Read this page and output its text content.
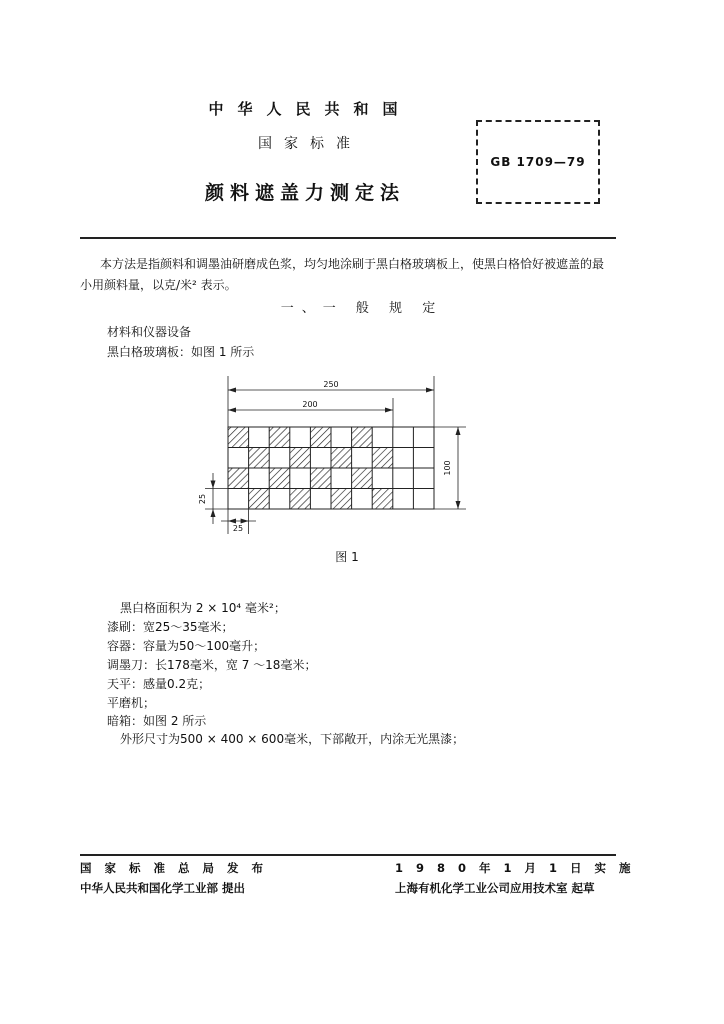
中华人民共和国
国家标准
颜料遮盖力测定法
GB 1709—79
本方法是指颜料和调墨油研磨成色浆，均匀地涂刷于黑白格玻璃板上，使黑白格恰好被遮盖的最
小用颜料量，以克/米² 表示。
一、一 般 规 定
材料和仪器设备
黑白格玻璃板：如图 1 所示
250
200
100
25
25
图 1
黑白格面积为 2 × 10⁴ 毫米²；
漆刷：宽25～35毫米；
容器：容量为50～100毫升；
调墨刀：长178毫米，宽 7 ～18毫米；
天平：感量0.2克；
平磨机；
暗箱：如图 2 所示
外形尺寸为500 × 400 × 600毫米，下部敞开，内涂无光黑漆；
国家标准总局发布
中华人民共和国化学工业部 提出
1980年1月1日实施
上海有机化学工业公司应用技术室 起草
